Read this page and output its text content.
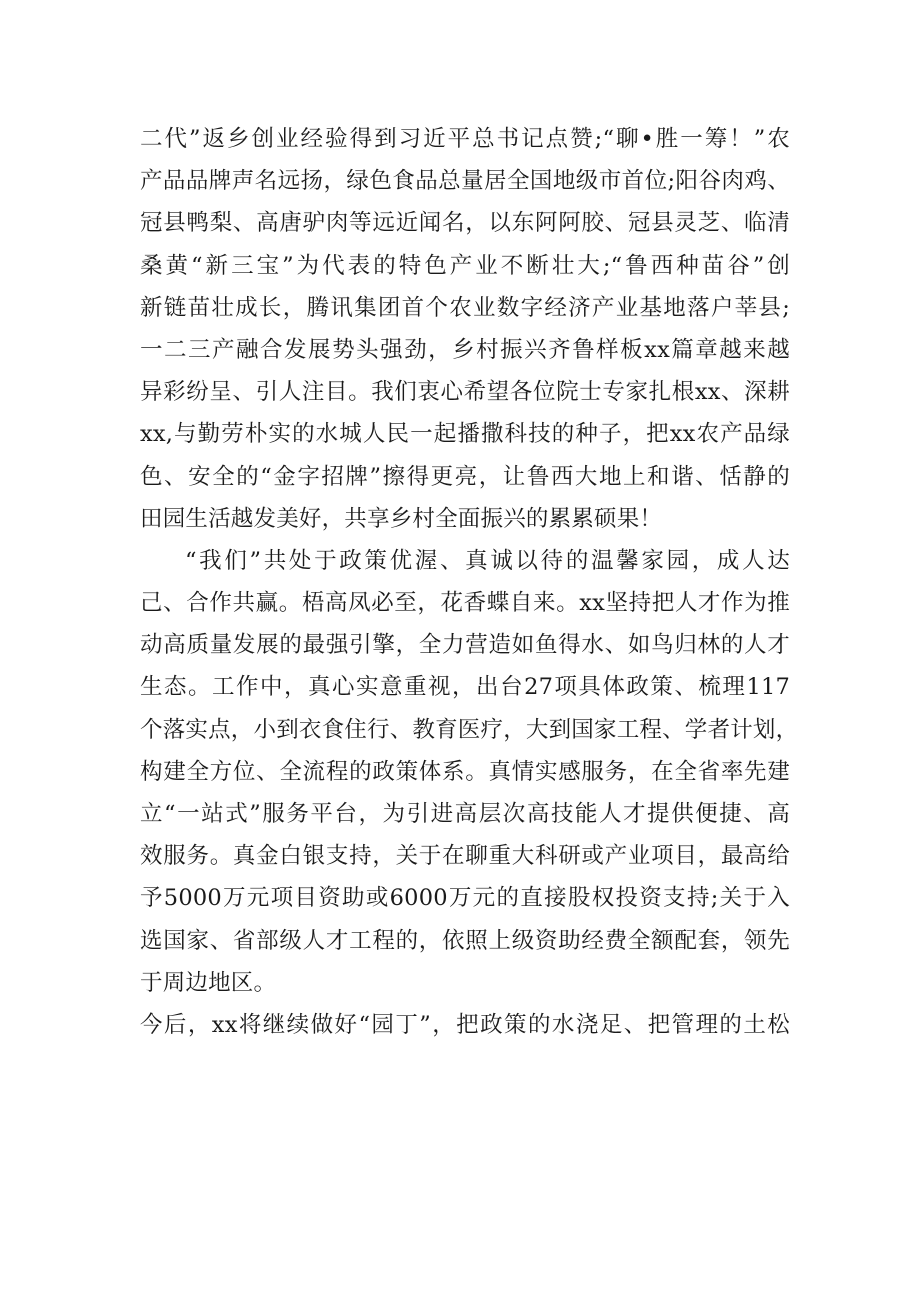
二代”返乡创业经验得到习近平总书记点赞;“聊•胜一筹！”农
产品品牌声名远扬，绿色食品总量居全国地级市首位;阳谷肉鸡、
冠县鸭梨、高唐驴肉等远近闻名，以东阿阿胶、冠县灵芝、临清
桑黄“新三宝”为代表的特色产业不断壮大;“鲁西种苗谷”创
新链苗壮成长，腾讯集团首个农业数字经济产业基地落户莘县;
一二三产融合发展势头强劲，乡村振兴齐鲁样板xx篇章越来越
异彩纷呈、引人注目。我们衷心希望各位院士专家扎根xx、深耕
xx,与勤劳朴实的水城人民一起播撒科技的种子，把xx农产品绿
色、安全的“金字招牌”擦得更亮，让鲁西大地上和谐、恬静的
田园生活越发美好，共享乡村全面振兴的累累硕果！
“我们”共处于政策优渥、真诚以待的温馨家园，成人达
己、合作共赢。梧高凤必至，花香蝶自来。xx坚持把人才作为推
动高质量发展的最强引擎，全力营造如鱼得水、如鸟归林的人才
生态。工作中，真心实意重视，出台27项具体政策、梳理117
个落实点，小到衣食住行、教育医疗，大到国家工程、学者计划，
构建全方位、全流程的政策体系。真情实感服务，在全省率先建
立“一站式”服务平台，为引进高层次高技能人才提供便捷、高
效服务。真金白银支持，关于在聊重大科研或产业项目，最高给
予5000万元项目资助或6000万元的直接股权投资支持;关于入
选国家、省部级人才工程的，依照上级资助经费全额配套，领先
于周边地区。
今后，xx将继续做好“园丁”，把政策的水浇足、把管理的土松
